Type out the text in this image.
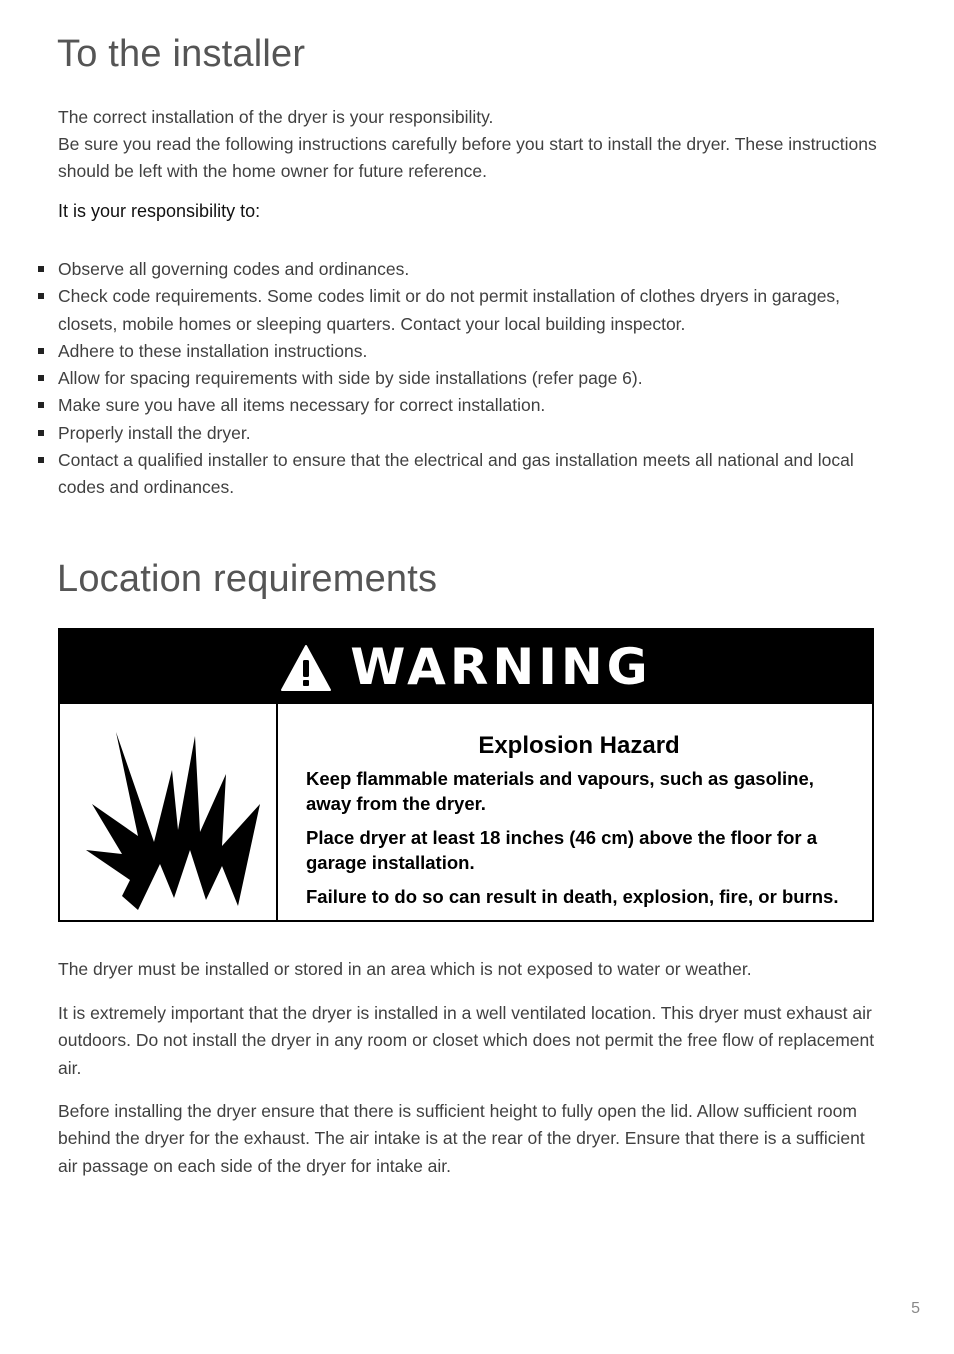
To the installer

The correct installation of the dryer is your responsibility.

Be sure you read the following instructions carefully before you start to install the dryer. These instructions should be left with the home owner for future reference.

It is your responsibility to:

Observe all governing codes and ordinances.
Check code requirements. Some codes limit or do not permit installation of clothes dryers in garages, closets, mobile homes or sleeping quarters. Contact your local building inspector.
Adhere to these installation instructions.
Allow for spacing requirements with side by side installations (refer page 6).
Make sure you have all items necessary for correct installation.
Properly install the dryer.
Contact a qualified installer to ensure that the electrical and gas installation meets all national and local codes and ordinances.
Location requirements
WARNING
Explosion Hazard

Keep flammable materials and vapours, such as gasoline, away from the dryer.

Place dryer at least 18 inches (46 cm) above the floor for a garage installation.

Failure to do so can result in death, explosion, fire, or burns.

The dryer must be installed or stored in an area which is not exposed to water or weather.

It is extremely important that the dryer is installed in a well ventilated location. This dryer must exhaust air outdoors. Do not install the dryer in any room or closet which does not permit the free flow of replacement air.

Before installing the dryer ensure that there is sufficient height to fully open the lid. Allow sufficient room behind the dryer for the exhaust. The air intake is at the rear of the dryer. Ensure that there is a sufficient air passage on each side of the dryer for intake air.

5
